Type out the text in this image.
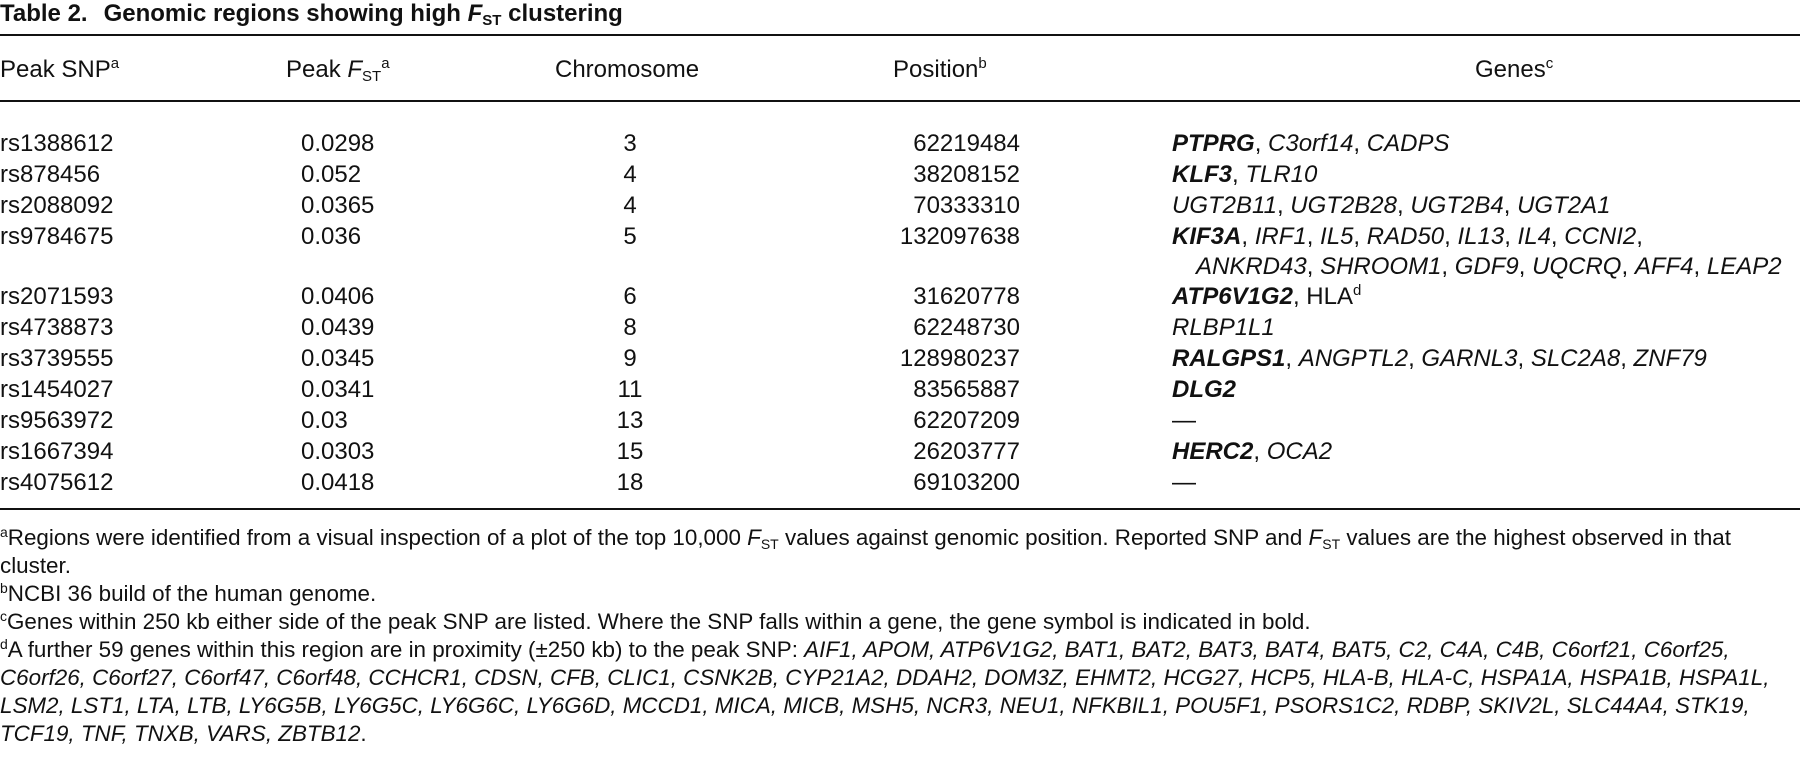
Table 2. Genomic regions showing high $F_{ST}$ clustering
Peak SNP$^a$	Peak $F_{ST}^a$	Chromosome	Position$^b$	Genes$^c$
rs1388612	0.0298	3	62219484	PTPRG, C3orf14, CADPS
rs878456	0.052	4	38208152	KLF3, TLR10
rs2088092	0.0365	4	70333310	UGT2B11, UGT2B28, UGT2B4, UGT2A1
rs9784675	0.036	5	132097638	KIF3A, IRF1, IL5, RAD50, IL13, IL4, CCNI2,
ANKRD43, SHROOM1, GDF9, UQCRQ, AFF4, LEAP2
rs2071593	0.0406	6	31620778	ATP6V1G2, HLA$^d$
rs4738873	0.0439	8	62248730	RLBP1L1
rs3739555	0.0345	9	128980237	RALGPS1, ANGPTL2, GARNL3, SLC2A8, ZNF79
rs1454027	0.0341	11	83565887	DLG2
rs9563972	0.03	13	62207209	—
rs1667394	0.0303	15	26203777	HERC2, OCA2
rs4075612	0.0418	18	69103200	—

$^a$Regions were identified from a visual inspection of a plot of the top 10,000 $F_{ST}$ values against genomic position. Reported SNP and $F_{ST}$ values are the highest observed in that cluster.

$^b$NCBI 36 build of the human genome.

$^c$Genes within 250 kb either side of the peak SNP are listed. Where the SNP falls within a gene, the gene symbol is indicated in bold.

$^d$A further 59 genes within this region are in proximity (±250 kb) to the peak SNP: AIF1, APOM, ATP6V1G2, BAT1, BAT2, BAT3, BAT4, BAT5, C2, C4A, C4B, C6orf21, C6orf25, C6orf26, C6orf27, C6orf47, C6orf48, CCHCR1, CDSN, CFB, CLIC1, CSNK2B, CYP21A2, DDAH2, DOM3Z, EHMT2, HCG27, HCP5, HLA-B, HLA-C, HSPA1A, HSPA1B, HSPA1L, LSM2, LST1, LTA, LTB, LY6G5B, LY6G5C, LY6G6C, LY6G6D, MCCD1, MICA, MICB, MSH5, NCR3, NEU1, NFKBIL1, POU5F1, PSORS1C2, RDBP, SKIV2L, SLC44A4, STK19, TCF19, TNF, TNXB, VARS, ZBTB12.
